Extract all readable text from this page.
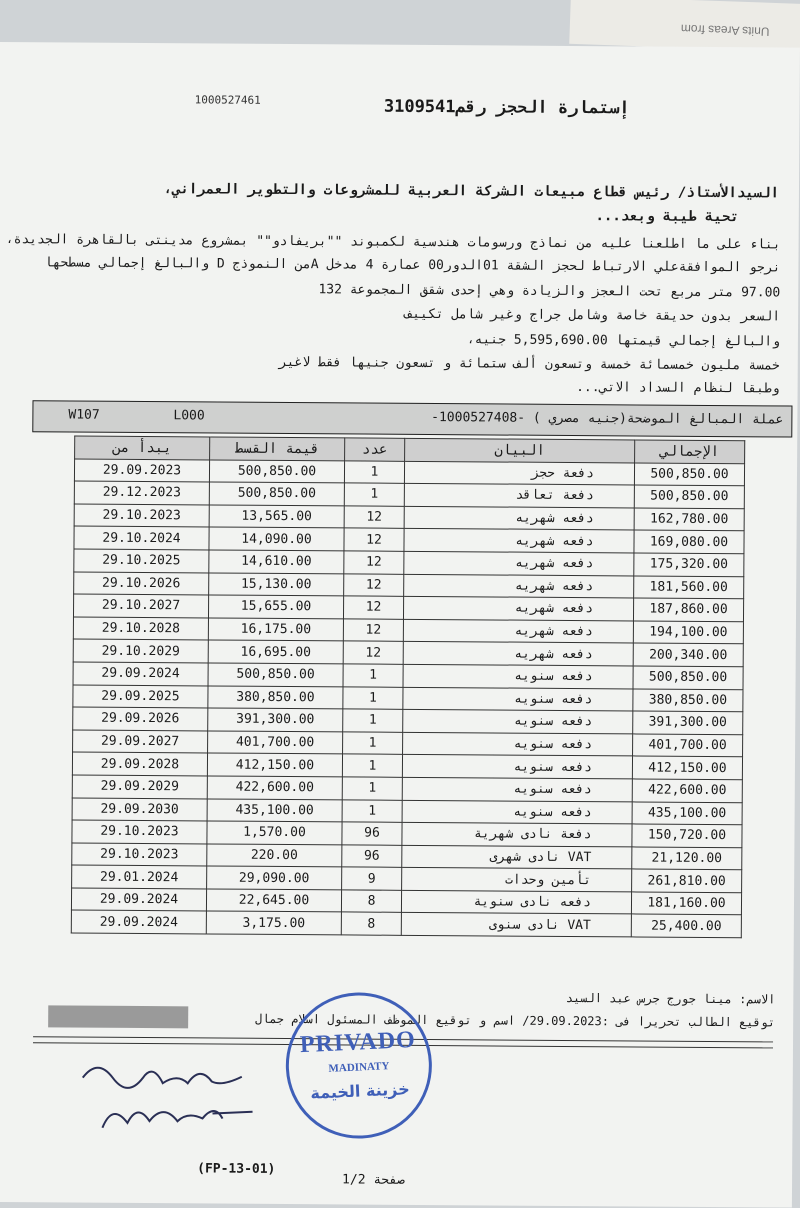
Units Areas from
1000527461	إستمارة الحجز رقم3109541
السيدالأستاذ/ رئيس قطاع مبيعات الشركة العربية للمشروعات والتطوير العمراني،
تحية طيبة وبعد...
بناء على ما اطلعنا عليه من نماذج ورسومات هندسية لكمبوند ""بريفادو"" بمشروع مدينتى بالقاهرة الجديدة،
نرجو الموافقةعلي الارتباط لحجز الشقة 01الدور00 عمارة 4 مدخل Aمن النموذج D والبالغ إجمالي مسطحها
97.00 متر مربع تحت العجز والزيادة وهي إحدى شقق المجموعة 132
السعر بدون حديقة خاصة وشامل جراج وغير شامل تكييف
والبالغ إجمالي قيمتها 5,595,690.00 جنيه،
خمسة مليون خمسمائة خمسة وتسعون ألف ستمائة و تسعون جنيها فقط لاغير
وطبقا لنظام السداد الاتي...
W107	L000	عملة المبالغ الموضحة(جنيه مصري ) -1000527408-
يبدأ من	قيمة القسط	عدد	البيان	الإجمالي
29.09.2023	500,850.00	1	دفعة حجز	500,850.00
29.12.2023	500,850.00	1	دفعة تعاقد	500,850.00
29.10.2023	13,565.00	12	دفعه شهريه	162,780.00
29.10.2024	14,090.00	12	دفعه شهريه	169,080.00
29.10.2025	14,610.00	12	دفعه شهريه	175,320.00
29.10.2026	15,130.00	12	دفعه شهريه	181,560.00
29.10.2027	15,655.00	12	دفعه شهريه	187,860.00
29.10.2028	16,175.00	12	دفعه شهريه	194,100.00
29.10.2029	16,695.00	12	دفعه شهريه	200,340.00
29.09.2024	500,850.00	1	دفعه سنويه	500,850.00
29.09.2025	380,850.00	1	دفعه سنويه	380,850.00
29.09.2026	391,300.00	1	دفعه سنويه	391,300.00
29.09.2027	401,700.00	1	دفعه سنويه	401,700.00
29.09.2028	412,150.00	1	دفعه سنويه	412,150.00
29.09.2029	422,600.00	1	دفعه سنويه	422,600.00
29.09.2030	435,100.00	1	دفعه سنويه	435,100.00
29.10.2023	1,570.00	96	دفعة نادى شهرية	150,720.00
29.10.2023	220.00	96	VAT نادى شهرى	21,120.00
29.01.2024	29,090.00	9	تأمين وحدات	261,810.00
29.09.2024	22,645.00	8	دفعه نادى سنوية	181,160.00
29.09.2024	3,175.00	8	VAT نادى سنوى	25,400.00
الاسم: مينا جورج جرس عبد السيد
توقيع الطالب تحريرا فى :29.09.2023/ اسم و توقيع الموظف المسئول اسلام جمال
PRIVADO
MADINATY
خزينة الخيمة
(FP-13-01)
صفحة 1/2
